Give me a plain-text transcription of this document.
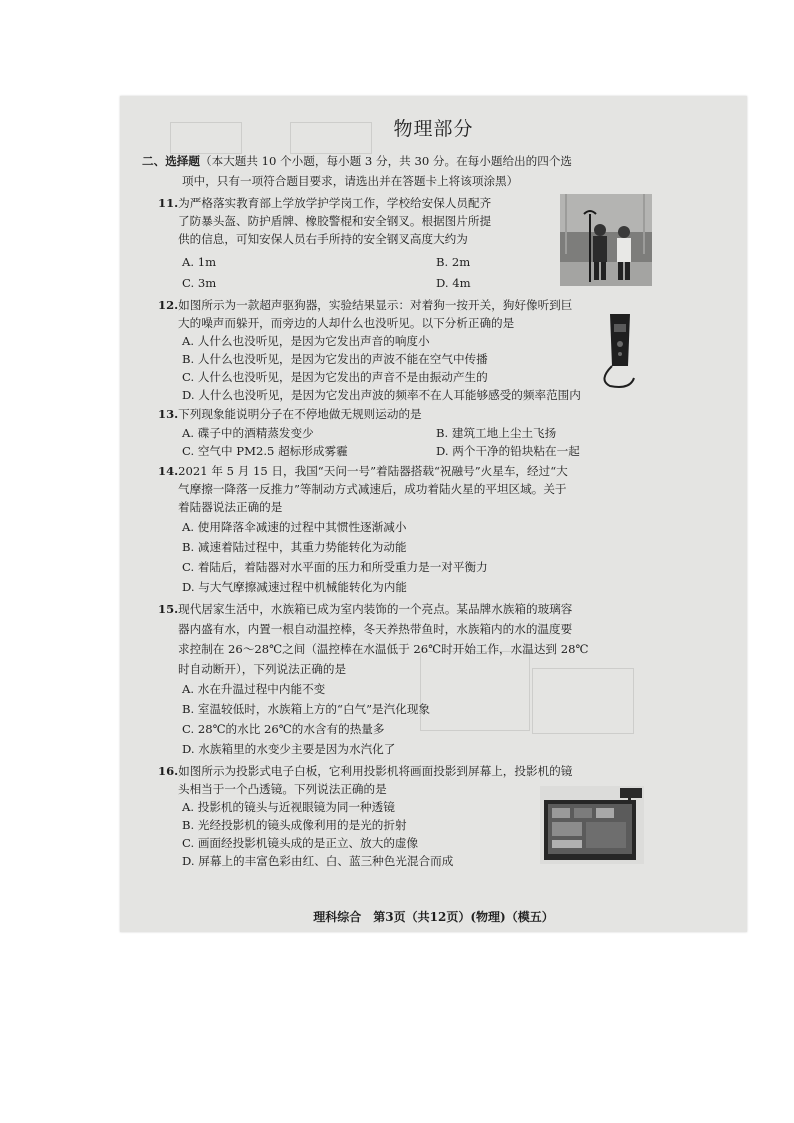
物理部分
二、选择题（本大题共 10 个小题，每小题 3 分，共 30 分。在每小题给出的四个选
项中，只有一项符合题目要求，请选出并在答题卡上将该项涂黑）
11.为严格落实教育部上学放学护学岗工作，学校给安保人员配齐
了防暴头盔、防护盾牌、橡胶警棍和安全钢叉。根据图片所提
供的信息，可知安保人员右手所持的安全钢叉高度大约为
A. 1m	B. 2m
C. 3m	D. 4m
12.如图所示为一款超声驱狗器，实验结果显示：对着狗一按开关，狗好像听到巨
大的噪声而躲开，而旁边的人却什么也没听见。以下分析正确的是
A. 人什么也没听见，是因为它发出声音的响度小
B. 人什么也没听见，是因为它发出的声波不能在空气中传播
C. 人什么也没听见，是因为它发出的声音不是由振动产生的
D. 人什么也没听见，是因为它发出声波的频率不在人耳能够感受的频率范围内
13.下列现象能说明分子在不停地做无规则运动的是
A. 碟子中的酒精蒸发变少	B. 建筑工地上尘土飞扬
C. 空气中 PM2.5 超标形成雾霾	D. 两个干净的铅块粘在一起
14.2021 年 5 月 15 日，我国“天问一号”着陆器搭载“祝融号”火星车，经过“大
气摩擦一降落一反推力”等制动方式减速后，成功着陆火星的平坦区域。关于
着陆器说法正确的是
A. 使用降落伞减速的过程中其惯性逐渐减小
B. 减速着陆过程中，其重力势能转化为动能
C. 着陆后，着陆器对水平面的压力和所受重力是一对平衡力
D. 与大气摩擦减速过程中机械能转化为内能
15.现代居家生活中，水族箱已成为室内装饰的一个亮点。某品牌水族箱的玻璃容
器内盛有水，内置一根自动温控棒，冬天养热带鱼时，水族箱内的水的温度要
求控制在 26～28℃之间（温控棒在水温低于 26℃时开始工作，水温达到 28℃
时自动断开），下列说法正确的是
A. 水在升温过程中内能不变
B. 室温较低时，水族箱上方的“白气”是汽化现象
C. 28℃的水比 26℃的水含有的热量多
D. 水族箱里的水变少主要是因为水汽化了
16.如图所示为投影式电子白板，它利用投影机将画面投影到屏幕上，投影机的镜
头相当于一个凸透镜。下列说法正确的是
A. 投影机的镜头与近视眼镜为同一种透镜
B. 光经投影机的镜头成像利用的是光的折射
C. 画面经投影机镜头成的是正立、放大的虚像
D. 屏幕上的丰富色彩由红、白、蓝三种色光混合而成
理科综合　第3页（共12页）(物理)（模五）
